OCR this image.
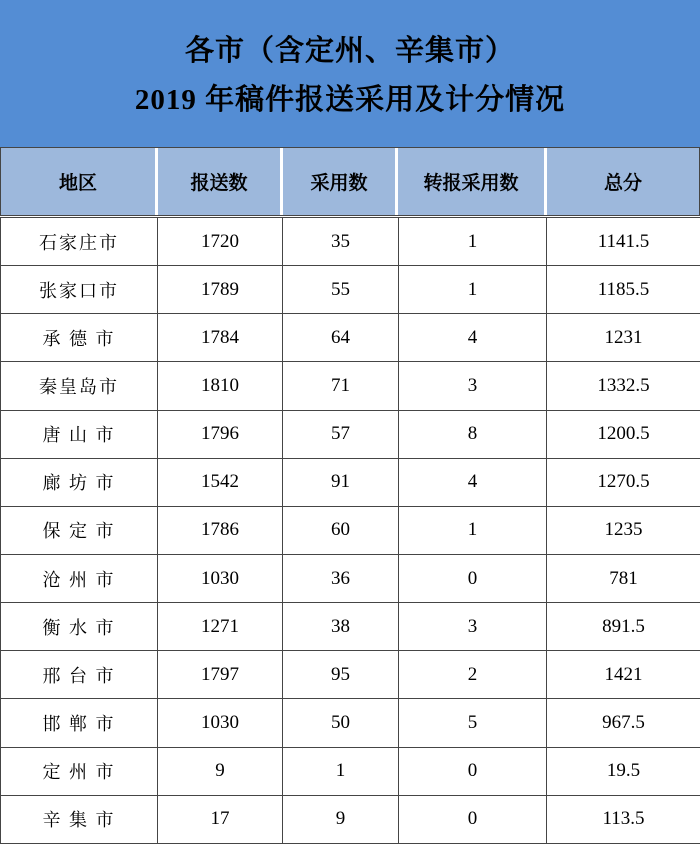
各市（含定州、辛集市）
2019 年稿件报送采用及计分情况
地区	报送数	采用数	转报采用数	总分
石家庄市	1720	35	1	1141.5
张家口市	1789	55	1	1185.5
承 德 市	1784	64	4	1231
秦皇岛市	1810	71	3	1332.5
唐 山 市	1796	57	8	1200.5
廊 坊 市	1542	91	4	1270.5
保 定 市	1786	60	1	1235
沧 州 市	1030	36	0	781
衡 水 市	1271	38	3	891.5
邢 台 市	1797	95	2	1421
邯 郸 市	1030	50	5	967.5
定 州 市	9	1	0	19.5
辛 集 市	17	9	0	113.5
